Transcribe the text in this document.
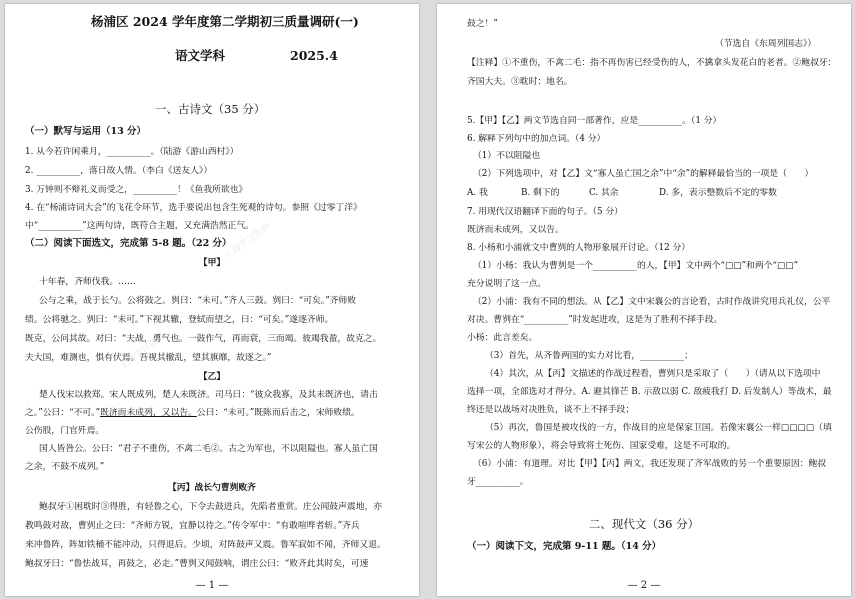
杨浦区 2024 学年度第二学期初三质量调研(一)
语文学科	2025.4
一、古诗文（35 分）
（一）默写与运用（13 分）
1. 从今若许闲乘月，__________。（陆游《游山西村》）
2. __________，落日故人情。（李白《送友人》）
3. 万钟则不辩礼义而受之，__________！《鱼我所欲也》
4. 在“杨浦诗词大会”的飞花令环节，选手要说出包含生死观的诗句。参照《过零丁洋》
中“__________”这两句诗，既符合主题，又充满浩然正气。
（二）阅读下面选文，完成第 5-8 题。（22 分）
【甲】
十年春，齐师伐我。……
公与之乘，战于长勺。公将鼓之。刿曰：“未可。”齐人三鼓。刿曰：“可矣。”齐师败
绩。公将驰之。刿曰：“未可。”下视其辙，登轼而望之，曰：“可矣。”遂逐齐师。
既克，公问其故。对曰：“夫战，勇气也。一鼓作气，再而衰，三而竭。彼竭我盈，故克之。
夫大国，难测也，惧有伏焉。吾视其辙乱，望其旗靡，故逐之。”
【乙】
楚人伐宋以救郑。宋人既成列，楚人未既济。司马曰：“彼众我寡，及其未既济也，请击
之。”公曰：“不可。”既济而未成列，又以告。公曰：“未可。”既陈而后击之，宋师败绩。
公伤股，门官歼焉。
国人皆咎公。公曰：“君子不重伤，不禽二毛②。古之为军也，不以阻隘也。寡人虽亡国
之余，不鼓不成列。”
【丙】战长勺曹刿败齐
鲍叔牙①困耽时③得胜，有轻鲁之心，下令去鼓进兵，先陷者重赏。庄公闻鼓声震地，亦
教鸣鼓对敌，曹刿止之曰：“齐师方锐，宜静以待之。”传令军中：“有敢喧哗者斩。”齐兵
来冲鲁阵，阵如铁桶不能冲动，只得退后。少顷，对阵鼓声又震。鲁军寂如不闻，齐师又退。
鲍叔牙曰：“鲁怯战耳，再鼓之，必走。”曹刿又闻鼓响，谓庄公曰：“败齐此其时矣，可速
— 1 —
上海学习资料
上海学习资料
鼓之！”
（节选自《东周列国志》）
【注释】①不重伤，不禽二毛：指不再伤害已经受伤的人，不擒拿头发花白的老者。②鲍叔牙：
齐国大夫。③耽时：地名。
5.【甲】【乙】两文节选自同一部著作，应是__________。（1 分）
6. 解释下列句中的加点词。（4 分）
（1）不以阻隘也
（2）下列选项中，对【乙】文“寡人虽亡国之余”中“余”的解释最恰当的一项是（　　）
A. 我	B. 剩下的	C. 其余	D. 多，表示整数后不定的零数
7. 用现代汉语翻译下面的句子。（5 分）
既济而未成列，又以告。
8. 小杨和小浦就文中曹刿的人物形象展开讨论。（12 分）
（1）小杨：我认为曹刿是一个__________的人，【甲】文中两个“□□”和两个“□□”
充分说明了这一点。
（2）小浦：我有不同的想法。从【乙】文中宋襄公的言论看，古时作战讲究用兵礼仪，公平
对决。曹刿在“__________”时发起进攻，这是为了胜利不择手段。
小杨：此言差矣。
（3）首先，从齐鲁两国的实力对比看，__________；
（4）其次，从【丙】文描述的作战过程看，曹刿只是采取了（　　）（请从以下选项中
选择一项，全部选对才得分。A. 避其锋芒 B. 示敌以弱 C. 敌疲我打 D. 后发制人）等战术，最
终还是以战场对决胜负，谈不上不择手段；
（5）再次，鲁国是被攻伐的一方，作战目的应是保家卫国。若像宋襄公一样□□□□（填
写宋公的人物形象），将会导致将士死伤、国家受难，这是不可取的。
（6）小浦：有道理。对比【甲】【丙】两文，我还发现了齐军战败的另一个重要原因：鲍叔
牙__________。
二、现代文（36 分）
（一）阅读下文，完成第 9-11 题。（14 分）
— 2 —
上海学习资料
